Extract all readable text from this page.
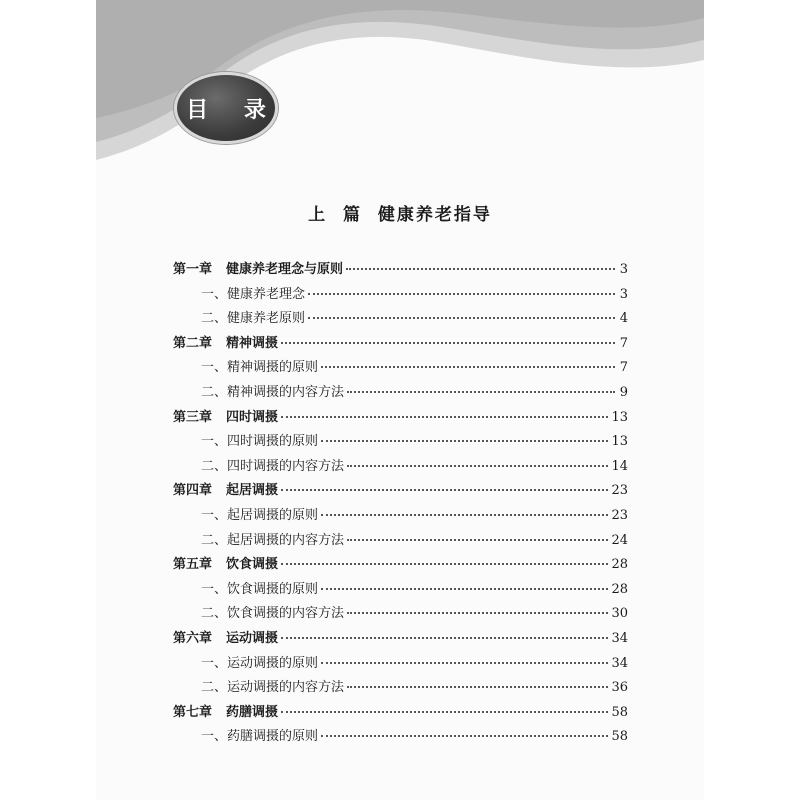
目 录
上  篇  健康养老指导
第一章 健康养老理念与原则	3
一、健康养老理念	3
二、健康养老原则	4
第二章 精神调摄	7
一、精神调摄的原则	7
二、精神调摄的内容方法	9
第三章 四时调摄	13
一、四时调摄的原则	13
二、四时调摄的内容方法	14
第四章 起居调摄	23
一、起居调摄的原则	23
二、起居调摄的内容方法	24
第五章 饮食调摄	28
一、饮食调摄的原则	28
二、饮食调摄的内容方法	30
第六章 运动调摄	34
一、运动调摄的原则	34
二、运动调摄的内容方法	36
第七章 药膳调摄	58
一、药膳调摄的原则	58
